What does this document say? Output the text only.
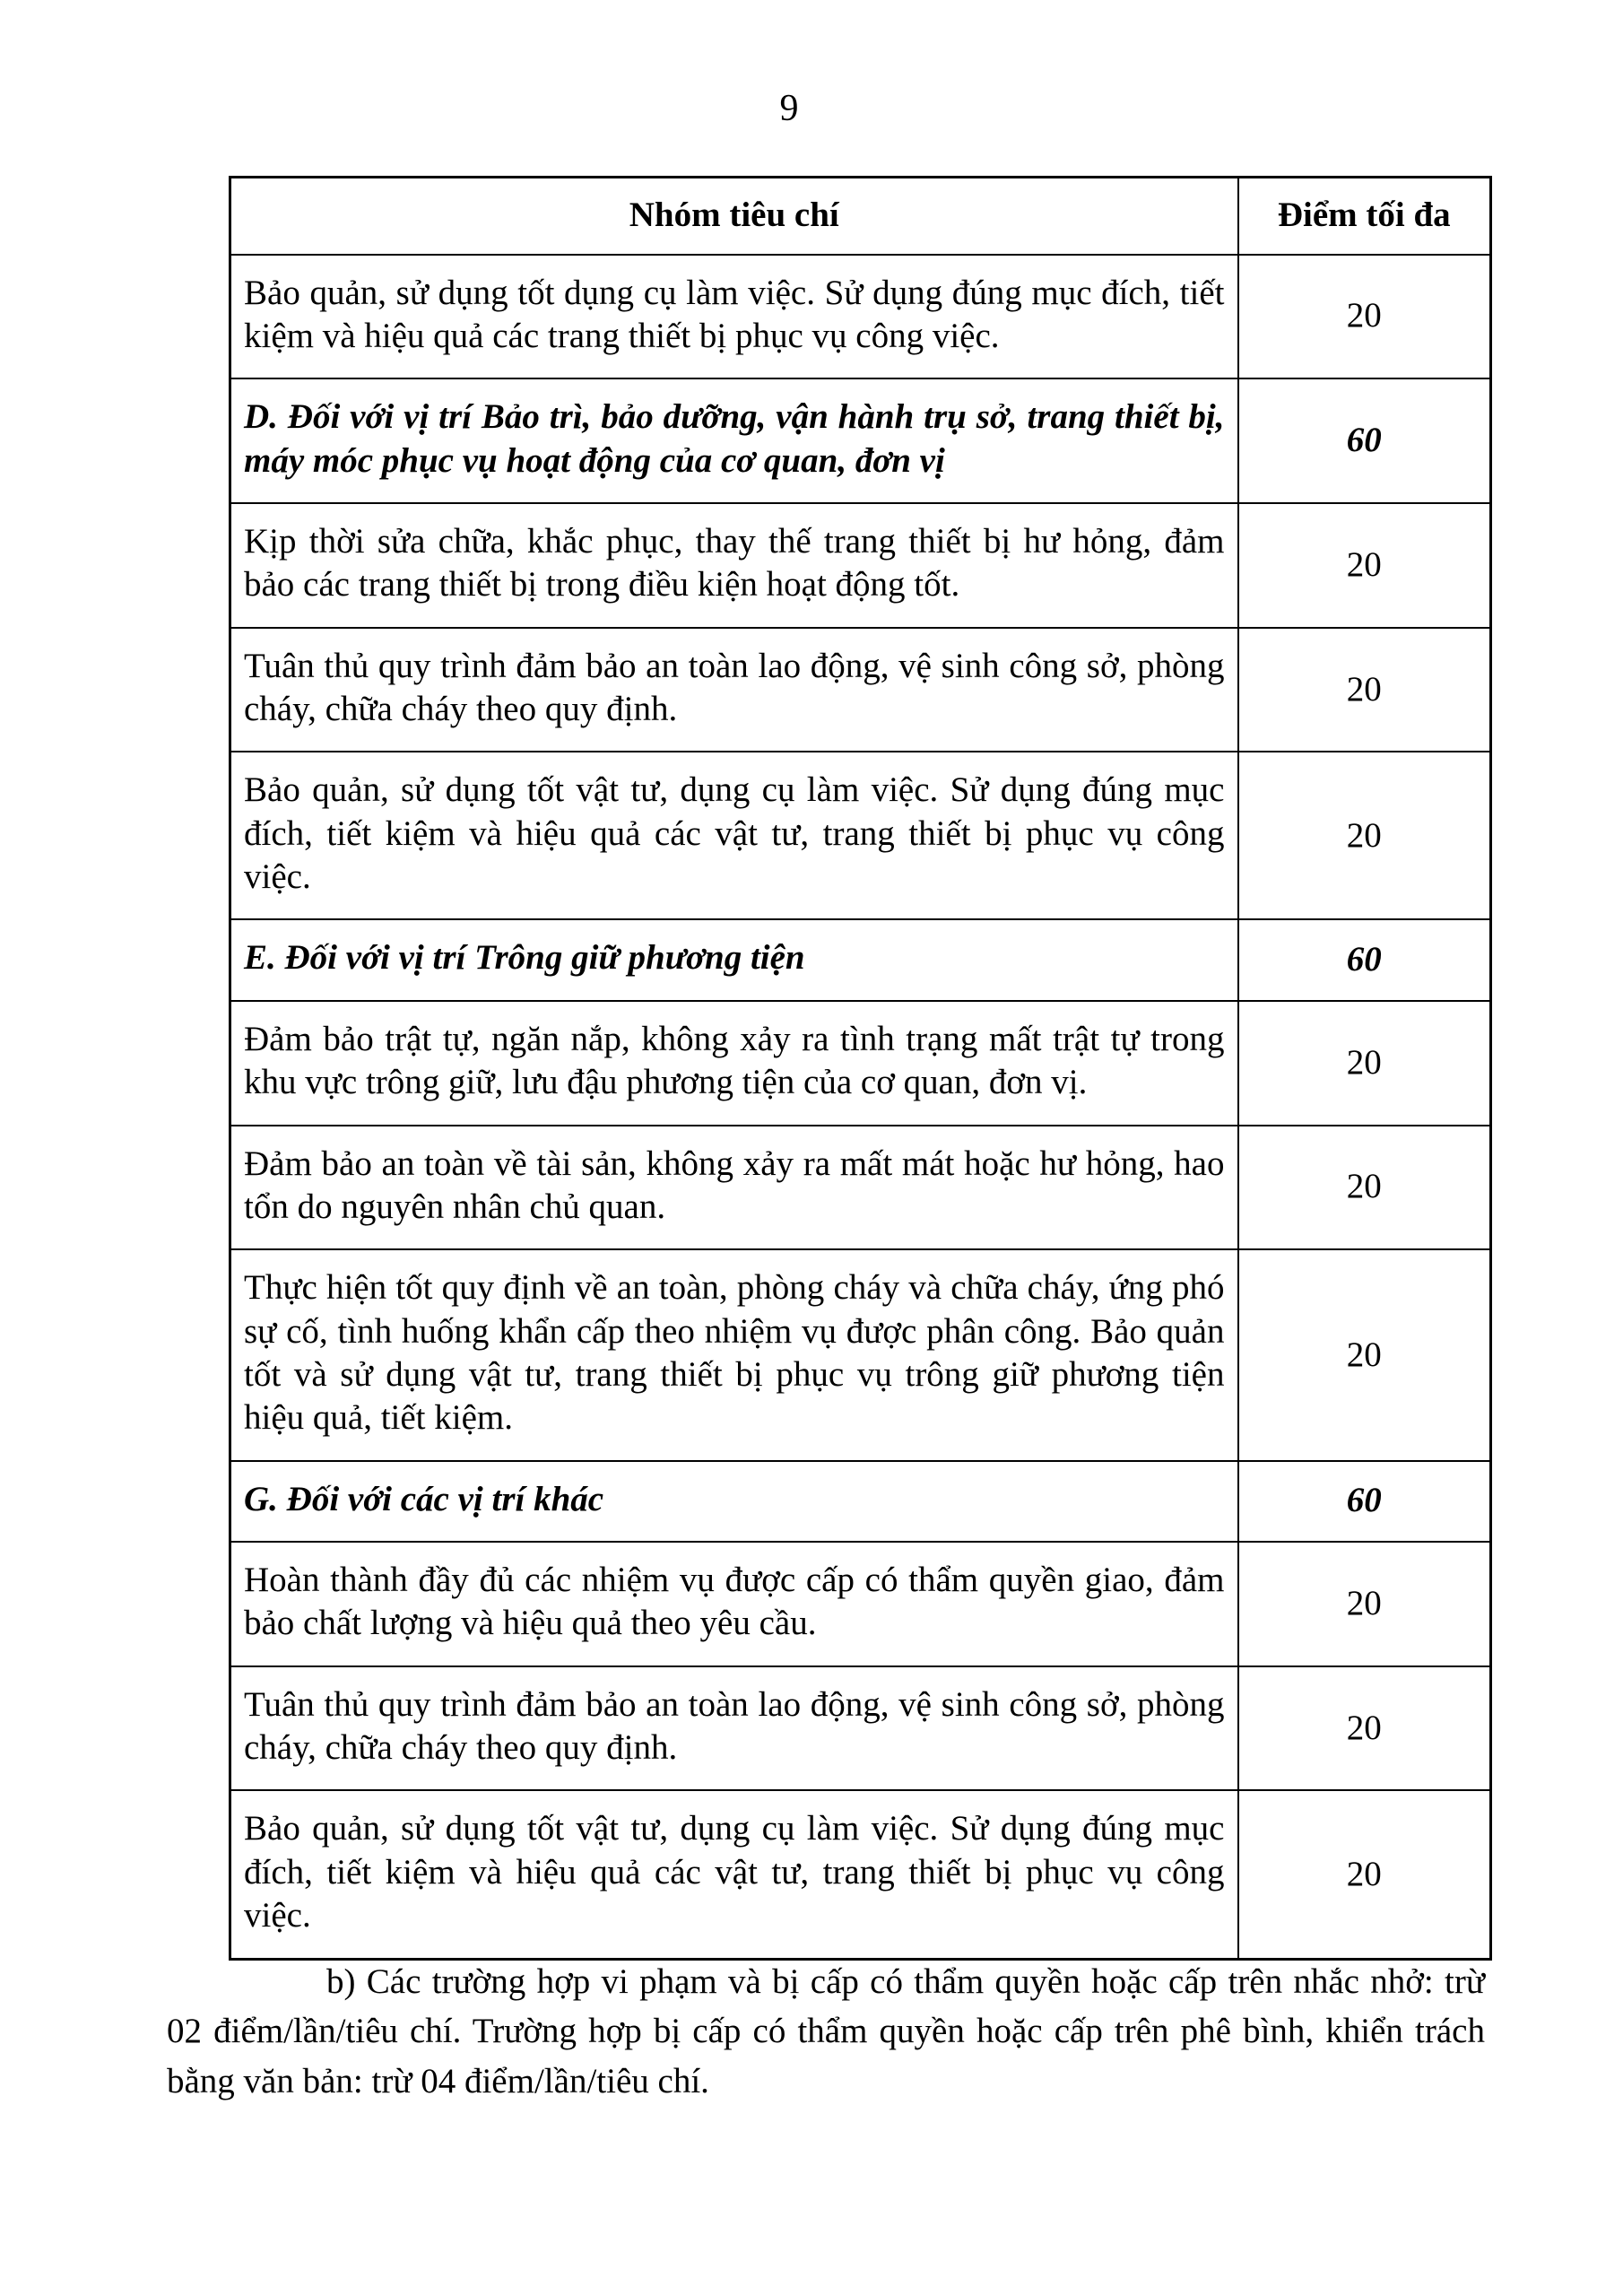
9
Nhóm tiêu chí	Điểm tối đa
Bảo quản, sử dụng tốt dụng cụ làm việc. Sử dụng đúng mục đích, tiết kiệm và hiệu quả các trang thiết bị phục vụ công việc.	20
D. Đối với vị trí Bảo trì, bảo dưỡng, vận hành trụ sở, trang thiết bị, máy móc phục vụ hoạt động của cơ quan, đơn vị	60
Kịp thời sửa chữa, khắc phục, thay thế trang thiết bị hư hỏng, đảm bảo các trang thiết bị trong điều kiện hoạt động tốt.	20
Tuân thủ quy trình đảm bảo an toàn lao động, vệ sinh công sở, phòng cháy, chữa cháy theo quy định.	20
Bảo quản, sử dụng tốt vật tư, dụng cụ làm việc. Sử dụng đúng mục đích, tiết kiệm và hiệu quả các vật tư, trang thiết bị phục vụ công việc.	20
E. Đối với vị trí Trông giữ phương tiện	60
Đảm bảo trật tự, ngăn nắp, không xảy ra tình trạng mất trật tự trong khu vực trông giữ, lưu đậu phương tiện của cơ quan, đơn vị.	20
Đảm bảo an toàn về tài sản, không xảy ra mất mát hoặc hư hỏng, hao tổn do nguyên nhân chủ quan.	20
Thực hiện tốt quy định về an toàn, phòng cháy và chữa cháy, ứng phó sự cố, tình huống khẩn cấp theo nhiệm vụ được phân công. Bảo quản tốt và sử dụng vật tư, trang thiết bị phục vụ trông giữ phương tiện hiệu quả, tiết kiệm.	20
G. Đối với các vị trí khác	60
Hoàn thành đầy đủ các nhiệm vụ được cấp có thẩm quyền giao, đảm bảo chất lượng và hiệu quả theo yêu cầu.	20
Tuân thủ quy trình đảm bảo an toàn lao động, vệ sinh công sở, phòng cháy, chữa cháy theo quy định.	20
Bảo quản, sử dụng tốt vật tư, dụng cụ làm việc. Sử dụng đúng mục đích, tiết kiệm và hiệu quả các vật tư, trang thiết bị phục vụ công việc.	20

b) Các trường hợp vi phạm và bị cấp có thẩm quyền hoặc cấp trên nhắc nhở: trừ 02 điểm/lần/tiêu chí. Trường hợp bị cấp có thẩm quyền hoặc cấp trên phê bình, khiển trách bằng văn bản: trừ 04 điểm/lần/tiêu chí.
